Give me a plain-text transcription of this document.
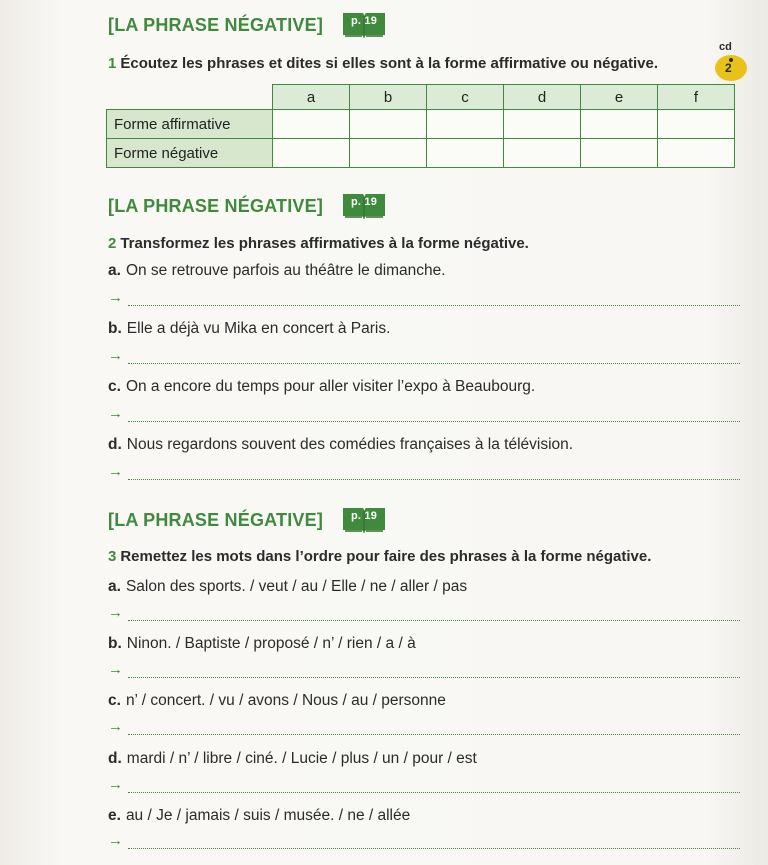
[LA PHRASE NÉGATIVE]	p. 19
1 Écoutez les phrases et dites si elles sont à la forme affirmative ou négative.
cd
2
	a	b	c	d	e	f
Forme affirmative						
Forme négative						
[LA PHRASE NÉGATIVE]	p. 19
2 Transformez les phrases affirmatives à la forme négative.
a. On se retrouve parfois au théâtre le dimanche.
→
b. Elle a déjà vu Mika en concert à Paris.
→
c. On a encore du temps pour aller visiter l’expo à Beaubourg.
→
d. Nous regardons souvent des comédies françaises à la télévision.
→
[LA PHRASE NÉGATIVE]	p. 19
3 Remettez les mots dans l’ordre pour faire des phrases à la forme négative.
a. Salon des sports. / veut / au / Elle / ne / aller / pas
→
b. Ninon. / Baptiste / proposé / n’ / rien / a / à
→
c. n’ / concert. / vu / avons / Nous / au / personne
→
d. mardi / n’ / libre / ciné. / Lucie / plus / un / pour / est
→
e. au / Je / jamais / suis / musée. / ne / allée
→
